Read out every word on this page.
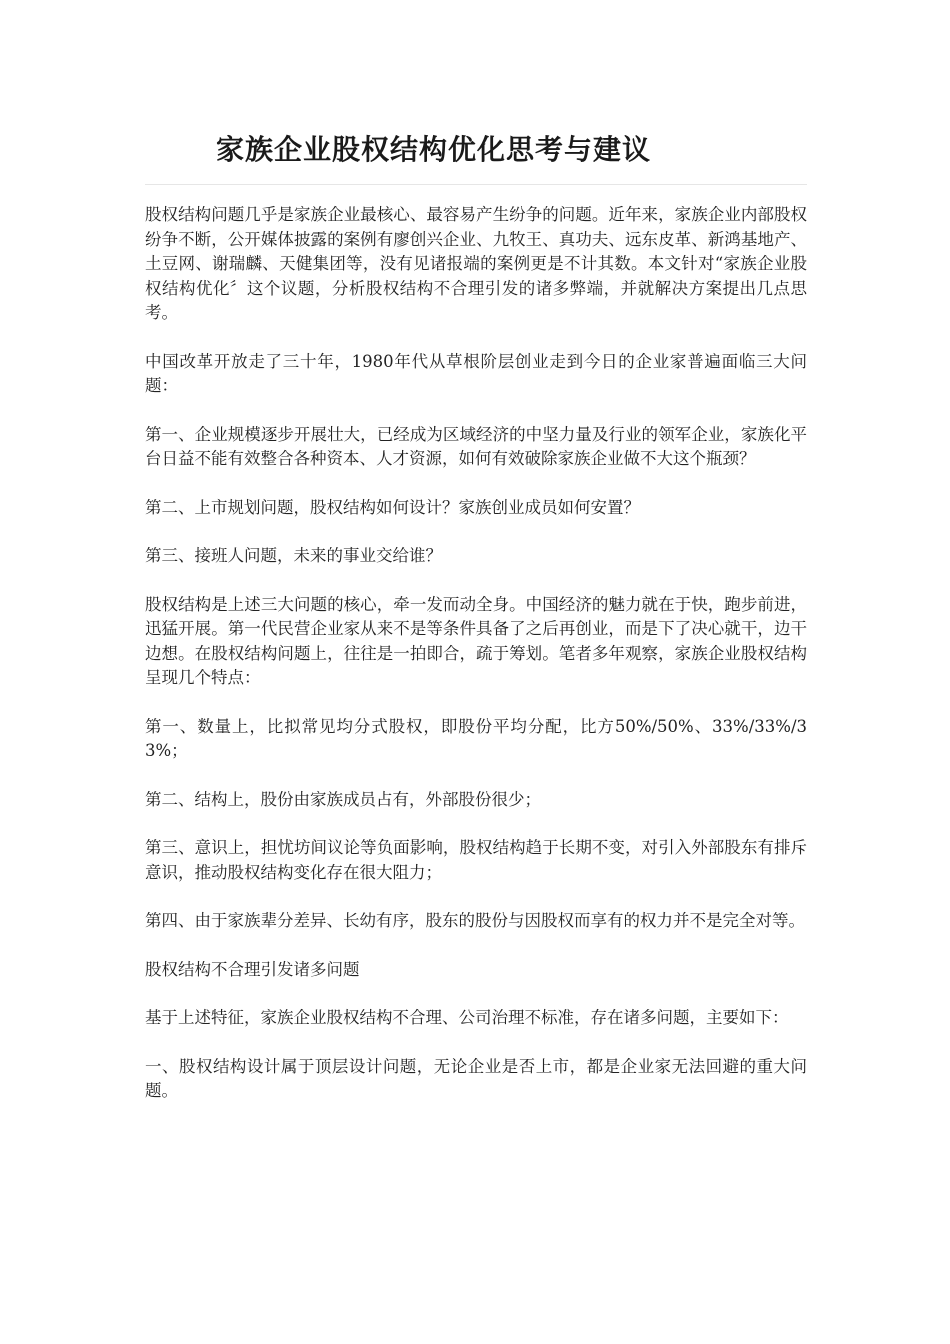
家族企业股权结构优化思考与建议

股权结构问题几乎是家族企业最核心、最容易产生纷争的问题。近年来，家族企业内部股权纷争不断，公开媒体披露的案例有廖创兴企业、九牧王、真功夫、远东皮革、新鸿基地产、土豆网、谢瑞麟、天健集团等，没有见诸报端的案例更是不计其数。本文针对“家族企业股权结构优化〞这个议题，分析股权结构不合理引发的诸多弊端，并就解决方案提出几点思考。

中国改革开放走了三十年，1980年代从草根阶层创业走到今日的企业家普遍面临三大问题：

第一、企业规模逐步开展壮大，已经成为区域经济的中坚力量及行业的领军企业，家族化平台日益不能有效整合各种资本、人才资源，如何有效破除家族企业做不大这个瓶颈？

第二、上市规划问题，股权结构如何设计？家族创业成员如何安置？

第三、接班人问题，未来的事业交给谁？

股权结构是上述三大问题的核心，牵一发而动全身。中国经济的魅力就在于快，跑步前进，迅猛开展。第一代民营企业家从来不是等条件具备了之后再创业，而是下了决心就干，边干边想。在股权结构问题上，往往是一拍即合，疏于筹划。笔者多年观察，家族企业股权结构呈现几个特点：

第一、数量上，比拟常见均分式股权，即股份平均分配，比方50%/50%、33%/33%/33%；

第二、结构上，股份由家族成员占有，外部股份很少；

第三、意识上，担忧坊间议论等负面影响，股权结构趋于长期不变，对引入外部股东有排斥意识，推动股权结构变化存在很大阻力；

第四、由于家族辈分差异、长幼有序，股东的股份与因股权而享有的权力并不是完全对等。

股权结构不合理引发诸多问题

基于上述特征，家族企业股权结构不合理、公司治理不标准，存在诸多问题，主要如下：

一、股权结构设计属于顶层设计问题，无论企业是否上市，都是企业家无法回避的重大问题。
